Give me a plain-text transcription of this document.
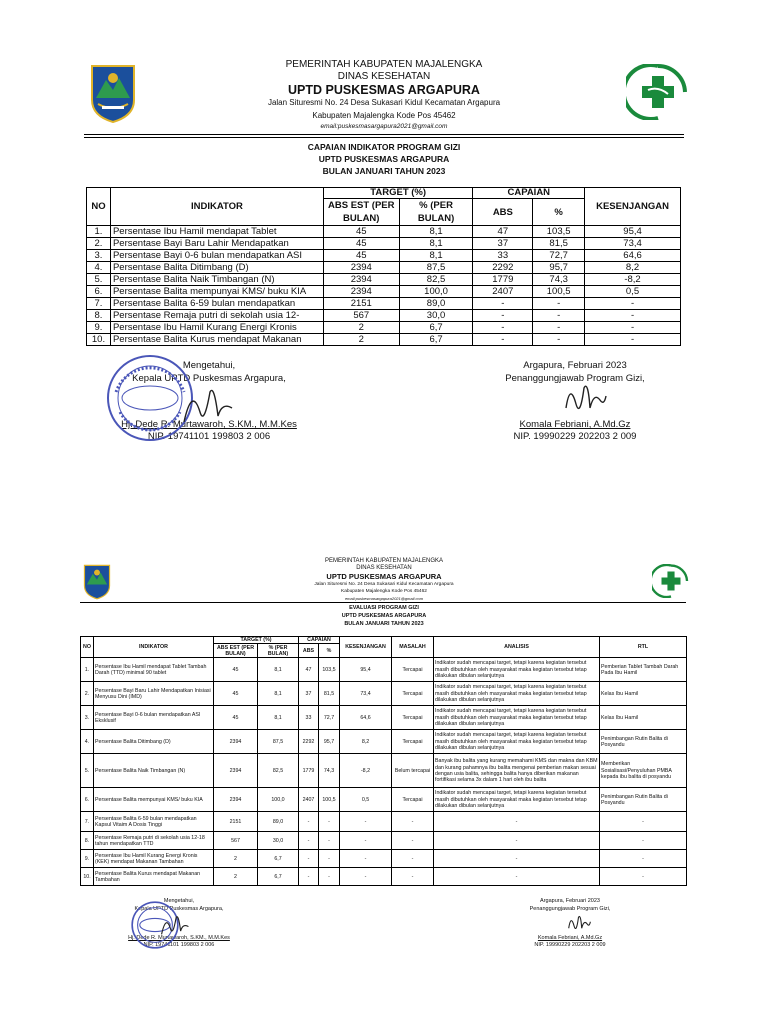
PEMERINTAH KABUPATEN MAJALENGKA
DINAS KESEHATAN
UPTD PUSKESMAS ARGAPURA
Jalan Situresmi No. 24 Desa Sukasari Kidul Kecamatan Argapura
Kabupaten Majalengka Kode Pos 45462
email:puskesmasargapura2021@gmail.com
CAPAIAN INDIKATOR PROGRAM GIZI
UPTD PUSKESMAS ARGAPURA
BULAN JANUARI TAHUN 2023
NO	INDIKATOR	TARGET (%)		CAPAIAN		KESENJANGAN
		ABS EST (PER BULAN)	% (PER BULAN)	ABS	%	

1.	Persentase Ibu Hamil mendapat Tablet	45	8,1	47	103,5	95,4
2.	Persentase Bayi Baru Lahir Mendapatkan	45	8,1	37	81,5	73,4
3.	Persentase Bayi 0-6 bulan mendapatkan ASI	45	8,1	33	72,7	64,6
4.	Persentase Balita Ditimbang (D)	2394	87,5	2292	95,7	8,2
5.	Persentase Balita Naik Timbangan (N)	2394	82,5	1779	74,3	-8,2
6.	Persentase Balita mempunyai KMS/ buku KIA	2394	100,0	2407	100,5	0,5
7.	Persentase Balita 6-59 bulan mendapatkan	2151	89,0	-	-	-
8.	Persentase Remaja putri di sekolah usia 12-	567	30,0	-	-	-
9.	Persentase Ibu Hamil Kurang Energi Kronis	2	6,7	-	-	-
10.	Persentase Balita Kurus mendapat Makanan	2	6,7	-	-	-
Mengetahui,
Kepala UPTD Puskesmas Argapura,
Hj. Dede R. Murtawaroh, S.KM., M.M.Kes
NIP. 19741101 199803 2 006
Argapura, Februari 2023
Penanggungjawab Program Gizi,
Komala Febriani, A.Md.Gz
NIP. 19990229 202203 2 009
PEMERINTAH KABUPATEN MAJALENGKA
DINAS KESEHATAN
UPTD PUSKESMAS ARGAPURA
Jalan Situresmi No. 24 Desa Sukasari Kidul Kecamatan Argapura
Kabupaten Majalengka Kode Pos 45462
email:puskesmasargapura2021@gmail.com
EVALUASI PROGRAM GIZI
UPTD PUSKESMAS ARGAPURA
BULAN JANUARI TAHUN 2023
NO	INDIKATOR	TARGET (%)		CAPAIAN		KESENJANGAN	MASALAH	ANALISIS	RTL
		ABS EST (PER BULAN)	% (PER BULAN)	ABS	%				
1.	Persentase Ibu Hamil mendapat Tablet Tambah Darah (TTD) minimal 90 tablet	45	8,1	47	103,5	95,4	Tercapai	Indikator sudah mencapai target, tetapi karena kegiatan tersebut masih dibutuhkan oleh masyarakat maka kegiatan tersebut tetap dilakukan dibulan selanjutnya	Pemberian Tablet Tambah Darah Pada Ibu Hamil
2.	Persentase Bayi Baru Lahir Mendapatkan Inisiasi Menyusu Dini (IMD)	45	8,1	37	81,5	73,4	Tercapai	Indikator sudah mencapai target, tetapi karena kegiatan tersebut masih dibutuhkan oleh masyarakat maka kegiatan tersebut tetap dilakukan dibulan selanjutnya	Kelas Ibu Hamil
3.	Persentase Bayi 0-6 bulan mendapatkan ASI Eksklusif	45	8,1	33	72,7	64,6	Tercapai	Indikator sudah mencapai target, tetapi karena kegiatan tersebut masih dibutuhkan oleh masyarakat maka kegiatan tersebut tetap dilakukan dibulan selanjutnya	Kelas Ibu Hamil
4.	Persentase Balita Ditimbang (D)	2394	87,5	2292	95,7	8,2	Tercapai	Indikator sudah mencapai target, tetapi karena kegiatan tersebut masih dibutuhkan oleh masyarakat maka kegiatan tersebut tetap dilakukan dibulan selanjutnya	Penimbangan Rutin Balita di Posyandu
5.	Persentase Balita Naik Timbangan (N)	2394	82,5	1779	74,3	-8,2	Belum tercapai	Banyak ibu balita yang kurang memahami KMS dan makna dan KBM dan kurang pahamnya ibu balita mengenai pemberian makan sesuai dengan usia balita, sehingga balita hanya diberikan makanan fortifikasi selama 3x dalam 1 hari oleh ibu balita	Memberikan Sosialisasi/Penyuluhan PMBA kepada ibu balita di posyandu
6.	Persentase Balita mempunyai KMS/ buku KIA	2394	100,0	2407	100,5	0,5	Tercapai	Indikator sudah mencapai target, tetapi karena kegiatan tersebut masih dibutuhkan oleh masyarakat maka kegiatan tersebut tetap dilakukan dibulan selanjutnya	Penimbangan Rutin Balita di Posyandu
7.	Persentase Balita 6-59 bulan mendapatkan Kapsul Vitaim A Dosis Tinggi	2151	89,0	-	-	-	-	-	-
8.	Persentase Remaja putri di sekolah usia 12-18 tahun mendapatkan TTD	567	30,0	-	-	-	-	-	-
9.	Persentase Ibu Hamil Kurang Energi Kronis (KEK) mendapat Makanan Tambahan	2	6,7	-	-	-	-	-	-
10.	Persentase Balita Kurus mendapat Makanan Tambahan	2	6,7	-	-	-	-	-	-
Mengetahui,
Kepala UPTD Puskesmas Argapura,
Hj. Dede R. Murtawaroh, S.KM., M.M.Kes
NIP. 19741101 199803 2 006
Argapura, Februari 2023
Penanggungjawab Program Gizi,
Komala Febriani, A.Md.Gz
NIP. 19990229 202203 2 009
